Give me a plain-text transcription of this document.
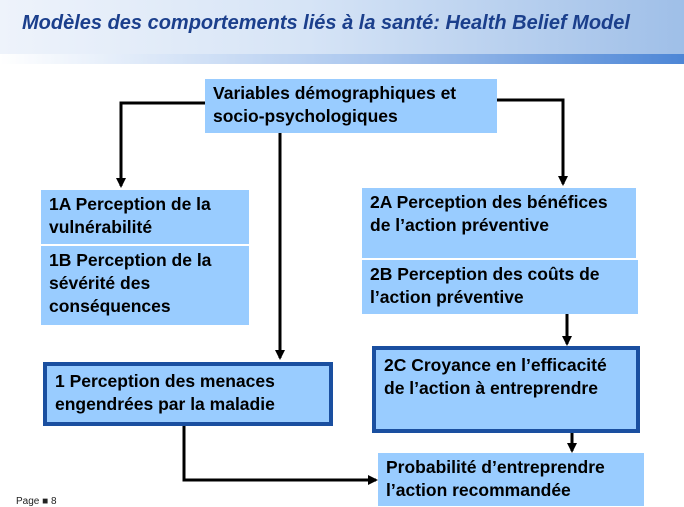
Modèles des comportements liés à la santé: Health Belief Model
Variables démographiques et socio-psychologiques
1A Perception de la vulnérabilité
1B Perception de la sévérité des conséquences
2A Perception des bénéfices de l’action préventive
2B Perception des coûts de l’action préventive
1 Perception des menaces engendrées par la maladie
2C Croyance en l’efficacité de l’action à entreprendre
Probabilité d’entreprendre l’action recommandée
Page ■ 8
